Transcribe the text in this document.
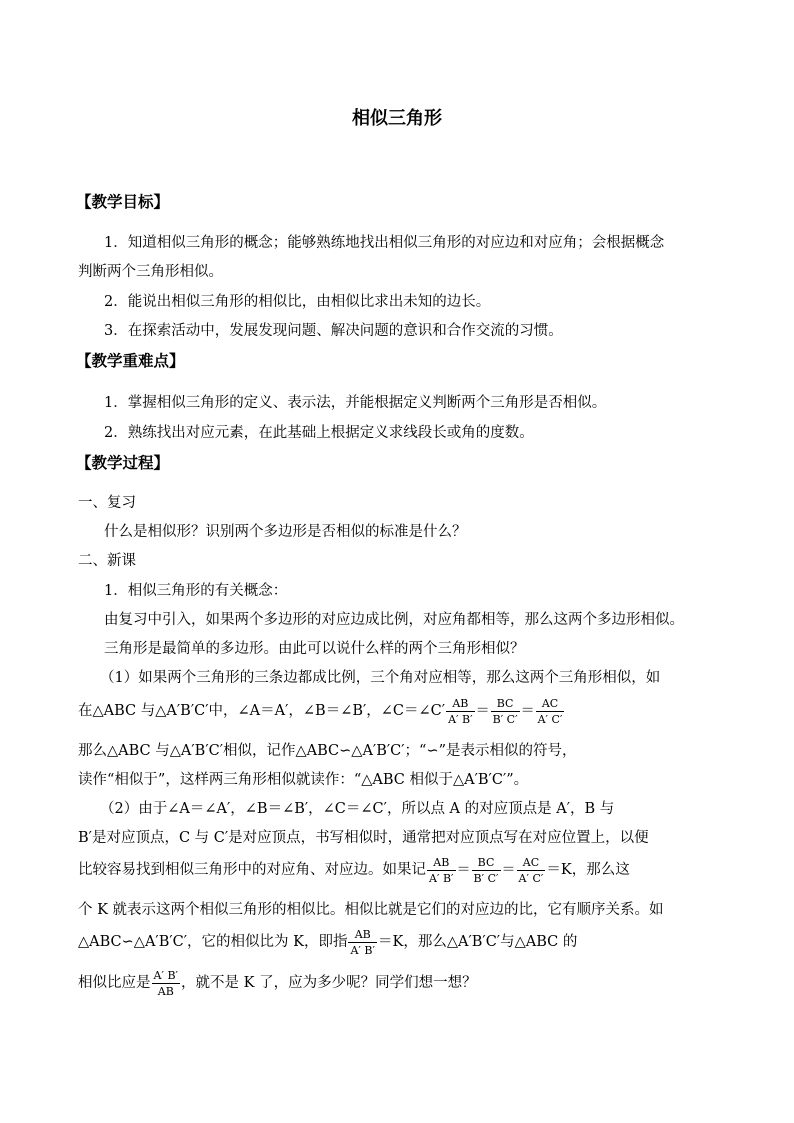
相似三角形
【教学目标】
1．知道相似三角形的概念；能够熟练地找出相似三角形的对应边和对应角；会根据概念
判断两个三角形相似。
2．能说出相似三角形的相似比，由相似比求出未知的边长。
3．在探索活动中，发展发现问题、解决问题的意识和合作交流的习惯。
【教学重难点】
1．掌握相似三角形的定义、表示法，并能根据定义判断两个三角形是否相似。
2．熟练找出对应元素，在此基础上根据定义求线段长或角的度数。
【教学过程】
一、复习
什么是相似形？识别两个多边形是否相似的标准是什么？
二、新课
1．相似三角形的有关概念：
由复习中引入，如果两个多边形的对应边成比例，对应角都相等，那么这两个多边形相似。
三角形是最简单的多边形。由此可以说什么样的两个三角形相似？
（1）如果两个三角形的三条边都成比例，三个角对应相等，那么这两个三角形相似，如
在△ABC 与△A′B′C′中，∠A＝A′，∠B＝∠B′，∠C＝∠C′ $\frac{AB}{A' B'} = \frac{BC}{B' C'} = \frac{AC}{A' C'}$
那么△ABC 与△A′B′C′相似，记作△ABC∽△A′B′C′；“∽”是表示相似的符号，
读作“相似于”，这样两三角形相似就读作：“△ABC 相似于△A′B′C′”。
（2）由于∠A＝∠A′，∠B＝∠B′，∠C＝∠C′，所以点 A 的对应顶点是 A′，B 与
B′是对应顶点，C 与 C′是对应顶点，书写相似时，通常把对应顶点写在对应位置上，以便
比较容易找到相似三角形中的对应角、对应边。如果记 $\frac{AB}{A' B'} = \frac{BC}{B' C'} = \frac{AC}{A' C'} =K$，那么这
个 K 就表示这两个相似三角形的相似比。相似比就是它们的对应边的比，它有顺序关系。如
△ABC∽△A′B′C′，它的相似比为 K，即指 $\frac{AB}{A' B'} =K$，那么△A′B′C′与△ABC 的
相似比应是 $\frac{A' B'}{AB}$ ，就不是 K 了，应为多少呢？同学们想一想？
